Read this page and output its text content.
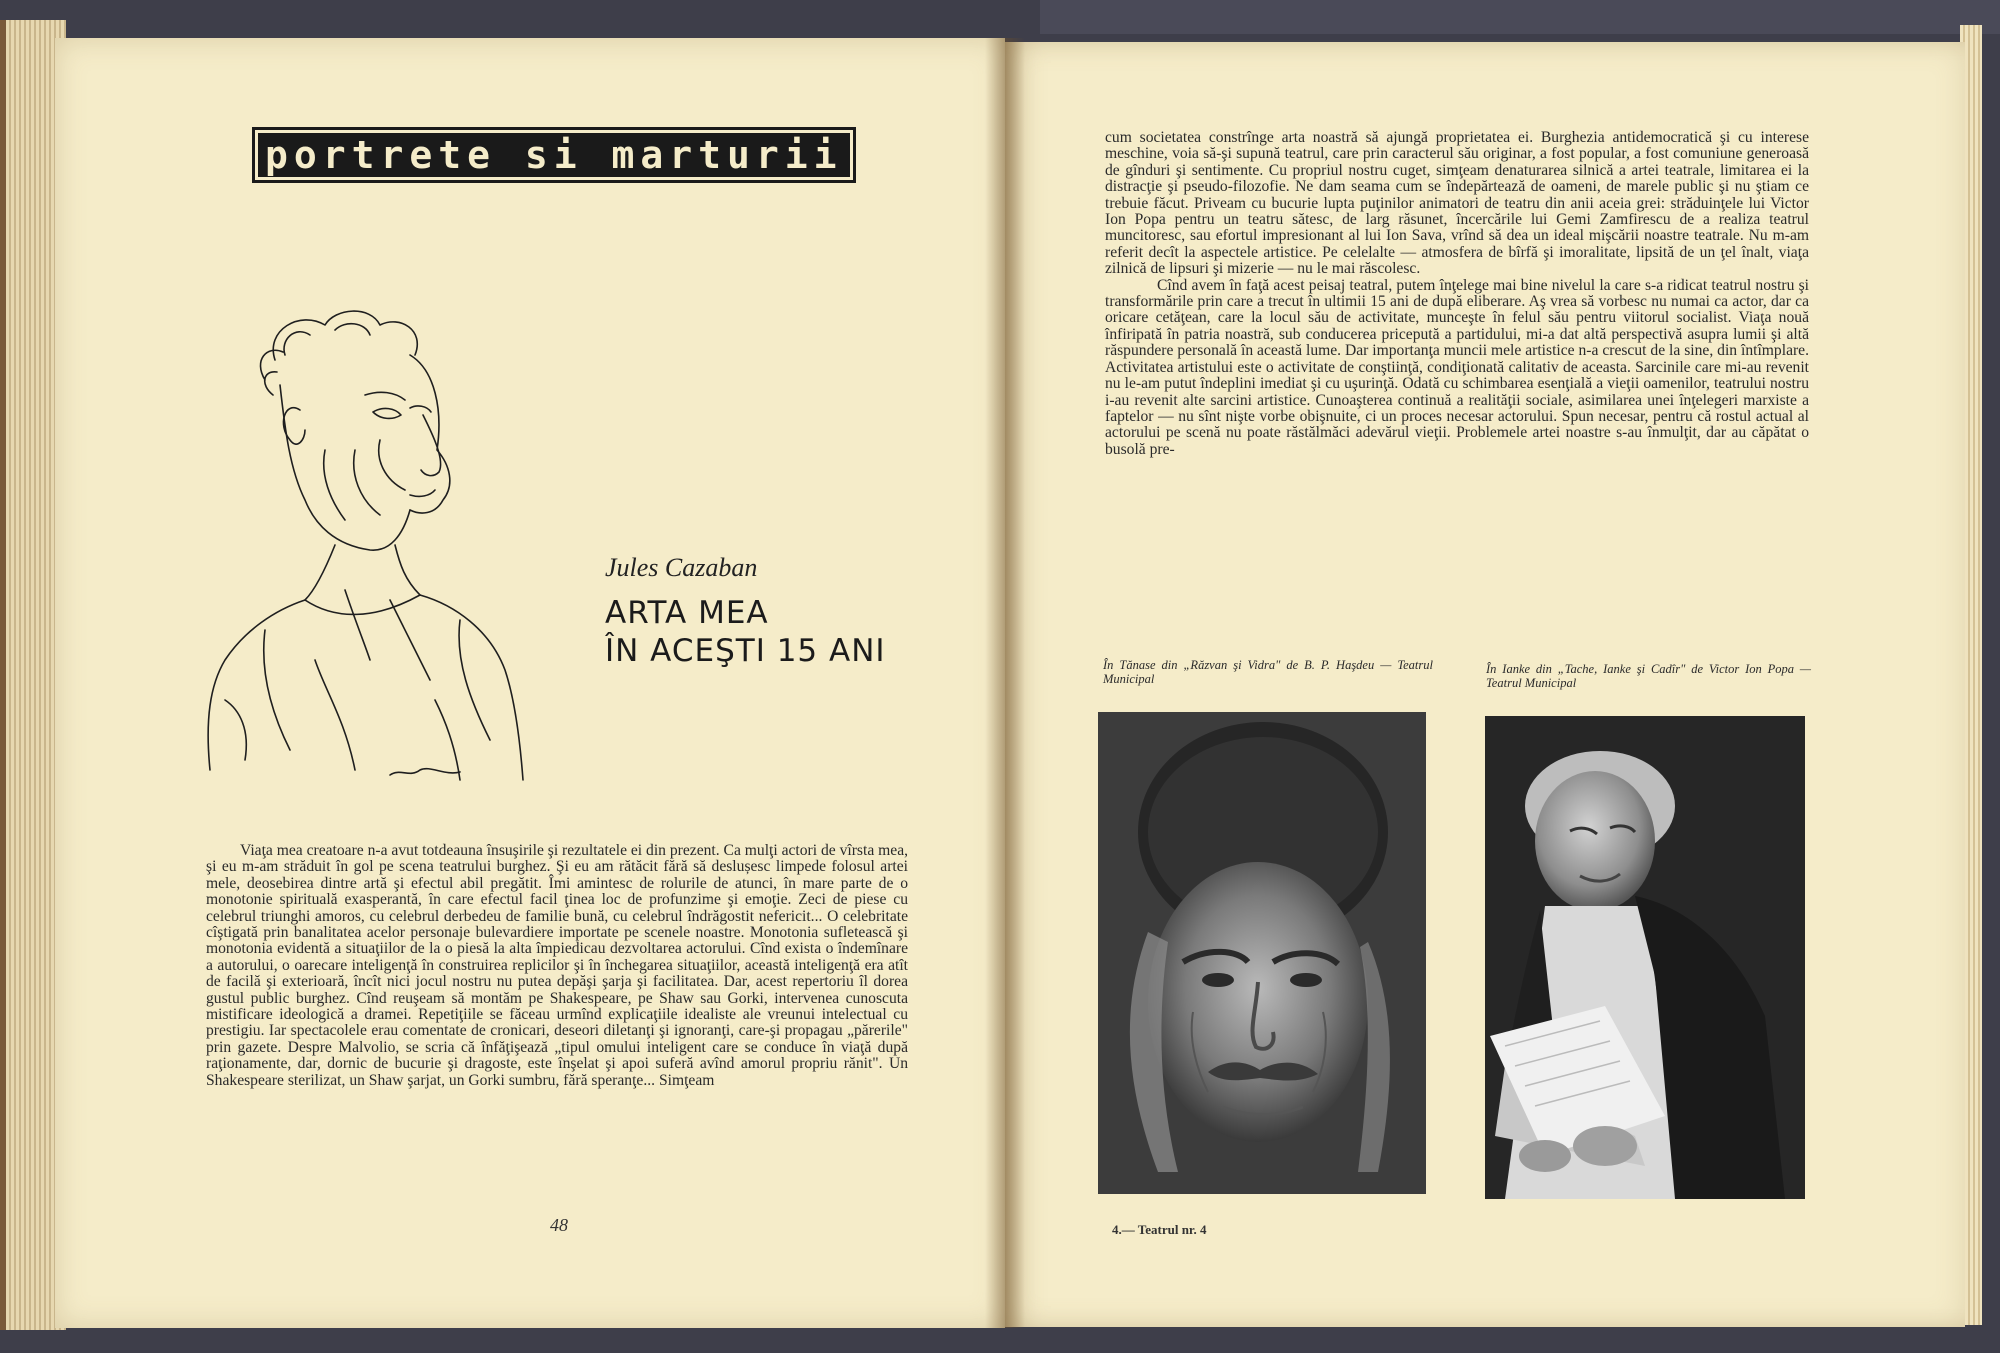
portrete si marturii
Jules Cazaban
ARTA MEA
ÎN ACEŞTI 15 ANI

Viaţa mea creatoare n-a avut totdeauna însuşirile şi rezultatele ei din prezent. Ca mulţi actori de vîrsta mea, şi eu m-am străduit în gol pe scena teatrului burghez. Şi eu am rătăcit fără să deslușesc limpede folosul artei mele, deosebirea dintre artă şi efectul abil pregătit. Îmi amintesc de rolurile de atunci, în mare parte de o monotonie spirituală exasperantă, în care efectul facil ţinea loc de profunzime şi emoţie. Zeci de piese cu celebrul triunghi amoros, cu celebrul derbedeu de familie bună, cu celebrul îndrăgostit nefericit... O celebritate cîştigată prin banalitatea acelor personaje bulevardiere importate pe scenele noastre. Monotonia sufletească şi monotonia evidentă a situaţiilor de la o piesă la alta împiedicau dezvoltarea actorului. Cînd exista o îndemînare a autorului, o oarecare inteligenţă în construirea replicilor şi în închegarea situaţiilor, această inteligenţă era atît de facilă şi exterioară, încît nici jocul nostru nu putea depăşi şarja şi facilitatea. Dar, acest repertoriu îl dorea gustul public burghez. Cînd reuşeam să montăm pe Shakespeare, pe Shaw sau Gorki, intervenea cunoscuta mistificare ideologică a dramei. Repetiţiile se făceau urmînd explicaţiile idealiste ale vreunui intelectual cu prestigiu. Iar spectacolele erau comentate de cronicari, deseori diletanţi şi ignoranţi, care-şi propagau „părerile" prin gazete. Despre Malvolio, se scria că înfăţişează „tipul omului inteligent care se conduce în viaţă după raţionamente, dar, dornic de bucurie şi dragoste, este înşelat şi apoi suferă avînd amorul propriu rănit". Un Shakespeare sterilizat, un Shaw şarjat, un Gorki sumbru, fără speranţe... Simţeam

cum societatea constrînge arta noastră să ajungă proprietatea ei. Burghezia antidemocratică şi cu interese meschine, voia să-şi supună teatrul, care prin caracterul său originar, a fost popular, a fost comuniune generoasă de gînduri şi sentimente. Cu propriul nostru cuget, simţeam denaturarea silnică a artei teatrale, limitarea ei la distracţie şi pseudo-filozofie. Ne dam seama cum se îndepărtează de oameni, de marele public şi nu ştiam ce trebuie făcut. Priveam cu bucurie lupta puţinilor animatori de teatru din anii aceia grei: străduinţele lui Victor Ion Popa pentru un teatru sătesc, de larg răsunet, încercările lui Gemi Zamfirescu de a realiza teatrul muncitoresc, sau efortul impresionant al lui Ion Sava, vrînd să dea un ideal mişcării noastre teatrale. Nu m-am referit decît la aspectele artistice. Pe celelalte — atmosfera de bîrfă şi imoralitate, lipsită de un ţel înalt, viaţa zilnică de lipsuri şi mizerie — nu le mai răscolesc.

Cînd avem în faţă acest peisaj teatral, putem înţelege mai bine nivelul la care s-a ridicat teatrul nostru şi transformările prin care a trecut în ultimii 15 ani de după eliberare. Aş vrea să vorbesc nu numai ca actor, dar ca oricare cetăţean, care la locul său de activitate, munceşte în felul său pentru viitorul socialist. Viaţa nouă înfiripată în patria noastră, sub conducerea pricepută a partidului, mi-a dat altă perspectivă asupra lumii şi altă răspundere personală în această lume. Dar importanţa muncii mele artistice n-a crescut de la sine, din întîmplare. Activitatea artistului este o activitate de conştiinţă, condiţionată calitativ de aceasta. Sarcinile care mi-au revenit nu le-am putut îndeplini imediat şi cu uşurinţă. Odată cu schimbarea esenţială a vieţii oamenilor, teatrului nostru i-au revenit alte sarcini artistice. Cunoaşterea continuă a realităţii sociale, asimilarea unei înţelegeri marxiste a faptelor — nu sînt nişte vorbe obişnuite, ci un proces necesar actorului. Spun necesar, pentru că rostul actual al actorului pe scenă nu poate răstălmăci adevărul vieţii. Problemele artei noastre s-au înmulţit, dar au căpătat o busolă pre-

În Tănase din „Răzvan şi Vidra" de B. P. Haşdeu — Teatrul Municipal
În Ianke din „Tache, Ianke şi Cadîr" de Victor Ion Popa — Teatrul Municipal
48	4.— Teatrul nr. 4
